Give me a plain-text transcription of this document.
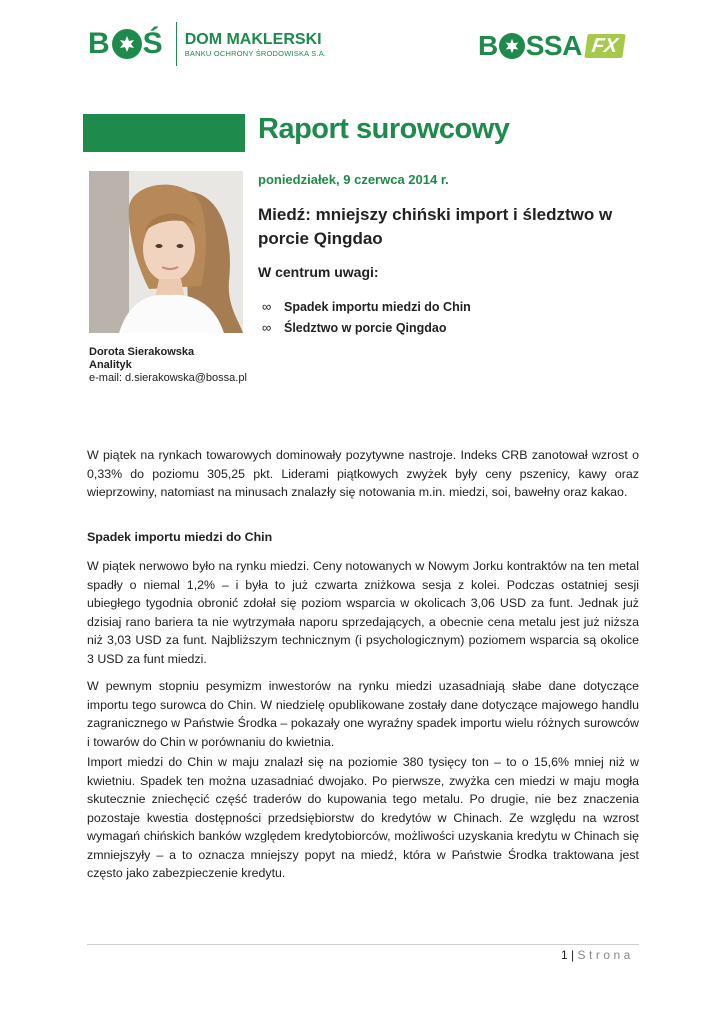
B Ś DOM MAKLERSKI
BANKU OCHRONY ŚRODOWISKA S.A.	B SSA FX
Raport surowcowy
poniedziałek, 9 czerwca 2014 r.
Miedź: mniejszy chiński import i śledztwo w porcie Qingdao
W centrum uwagi:
∞	Spadek importu miedzi do Chin
∞	Śledztwo w porcie Qingdao
Dorota Sierakowska
Analityk
e-mail: d.sierakowska@bossa.pl
W piątek na rynkach towarowych dominowały pozytywne nastroje. Indeks CRB zanotował wzrost o 0,33% do poziomu 305,25 pkt. Liderami piątkowych zwyżek były ceny pszenicy, kawy oraz wieprzowiny, natomiast na minusach znalazły się notowania m.in. miedzi, soi, bawełny oraz kakao.
Spadek importu miedzi do Chin
W piątek nerwowo było na rynku miedzi. Ceny notowanych w Nowym Jorku kontraktów na ten metal spadły o niemal 1,2% – i była to już czwarta zniżkowa sesja z kolei. Podczas ostatniej sesji ubiegłego tygodnia obronić zdołał się poziom wsparcia w okolicach 3,06 USD za funt. Jednak już dzisiaj rano bariera ta nie wytrzymała naporu sprzedających, a obecnie cena metalu jest już niższa niż 3,03 USD za funt. Najbliższym technicznym (i psychologicznym) poziomem wsparcia są okolice 3 USD za funt miedzi.
W pewnym stopniu pesymizm inwestorów na rynku miedzi uzasadniają słabe dane dotyczące importu tego surowca do Chin. W niedzielę opublikowane zostały dane dotyczące majowego handlu zagranicznego w Państwie Środka – pokazały one wyraźny spadek importu wielu różnych surowców i towarów do Chin w porównaniu do kwietnia.
Import miedzi do Chin w maju znalazł się na poziomie 380 tysięcy ton – to o 15,6% mniej niż w kwietniu. Spadek ten można uzasadniać dwojako. Po pierwsze, zwyżka cen miedzi w maju mogła skutecznie zniechęcić część traderów do kupowania tego metalu. Po drugie, nie bez znaczenia pozostaje kwestia dostępności przedsiębiorstw do kredytów w Chinach. Ze względu na wzrost wymagań chińskich banków względem kredytobiorców, możliwości uzyskania kredytu w Chinach się zmniejszyły – a to oznacza mniejszy popyt na miedź, która w Państwie Środka traktowana jest często jako zabezpieczenie kredytu.
1 | Strona
